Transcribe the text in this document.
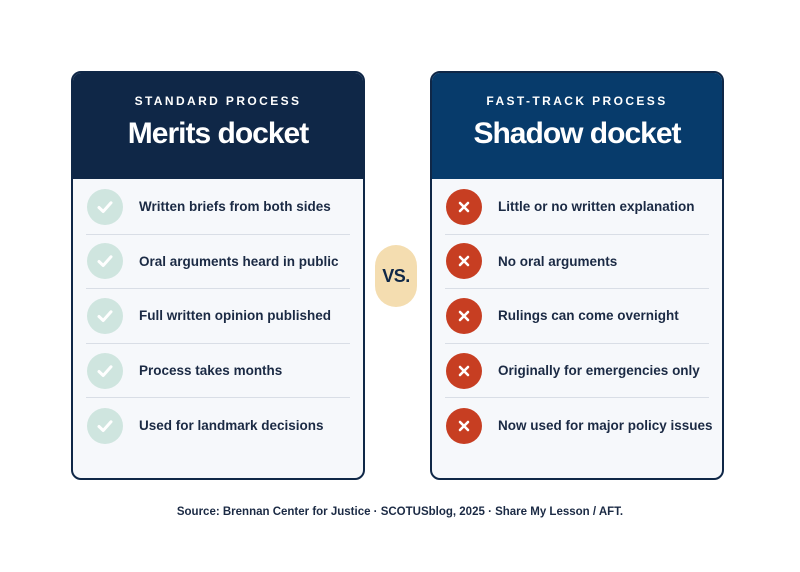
STANDARD PROCESS
Merits docket
Written briefs from both sides
Oral arguments heard in public
Full written opinion published
Process takes months
Used for landmark decisions
VS.
FAST-TRACK PROCESS
Shadow docket
Little or no written explanation
No oral arguments
Rulings can come overnight
Originally for emergencies only
Now used for major policy issues
Source: Brennan Center for Justice · SCOTUSblog, 2025 · Share My Lesson / AFT.
